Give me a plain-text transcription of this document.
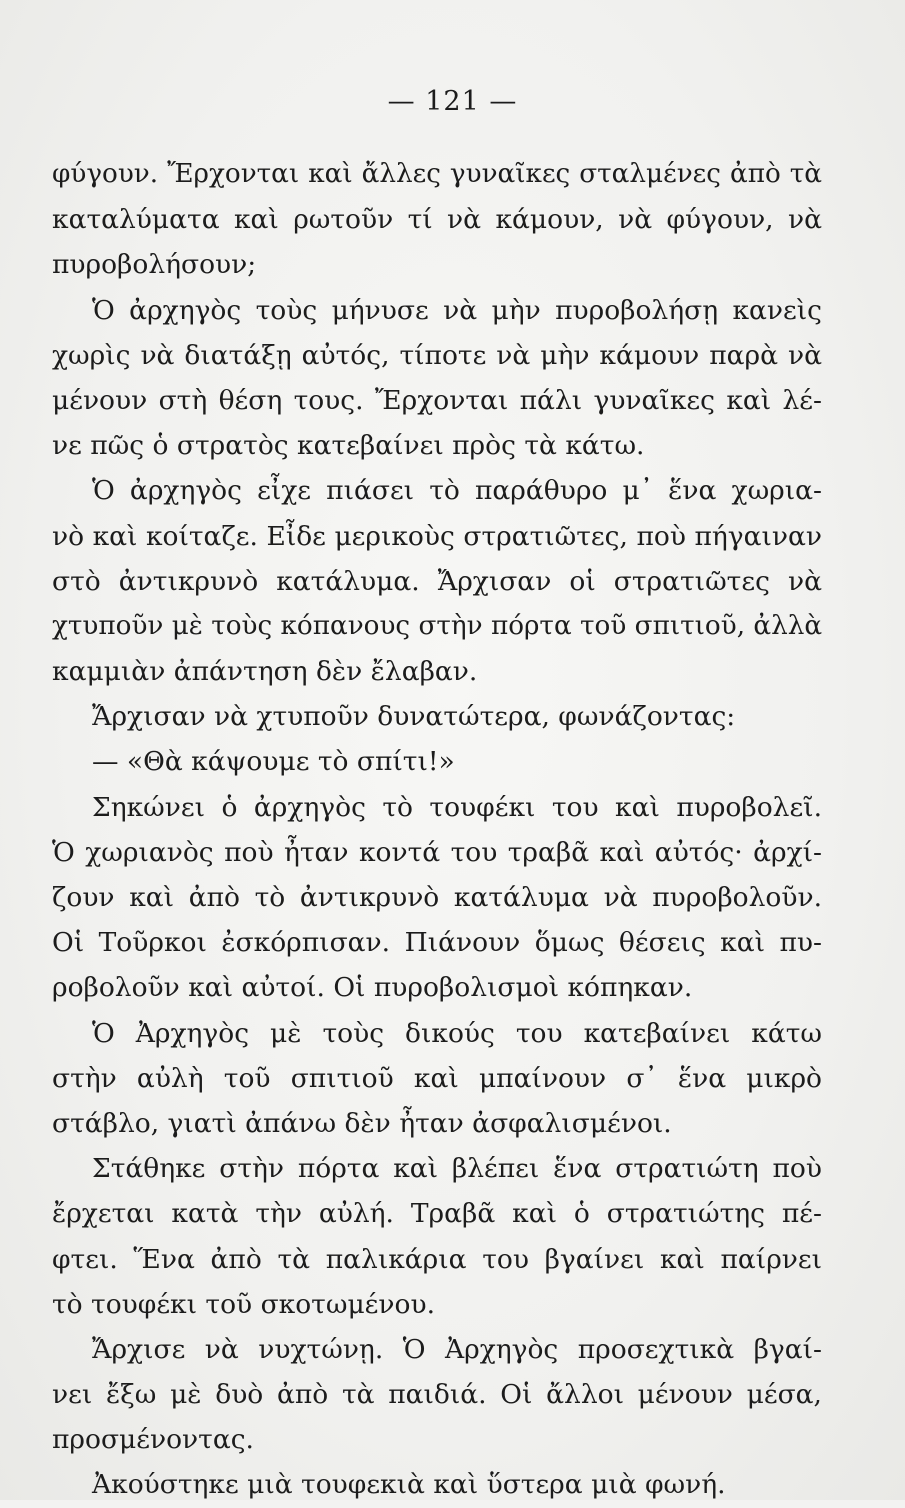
— 121 —
φύγουν. Ἔρχονται καὶ ἄλλες γυναῖκες σταλμένες ἀπὸ τὰ
καταλύματα καὶ ρωτοῦν τί νὰ κάμουν, νὰ φύγουν, νὰ
πυροβολήσουν;
Ὁ ἀρχηγὸς τοὺς μήνυσε νὰ μὴν πυροβολήσῃ κανεὶς
χωρὶς νὰ διατάξῃ αὐτός, τίποτε νὰ μὴν κάμουν παρὰ νὰ
μένουν στὴ θέση τους. Ἔρχονται πάλι γυναῖκες καὶ λέ-
νε πῶς ὁ στρατὸς κατεβαίνει πρὸς τὰ κάτω.
Ὁ ἀρχηγὸς εἶχε πιάσει τὸ παράθυρο μ᾽ ἕνα χωρια-
νὸ καὶ κοίταζε. Εἶδε μερικοὺς στρατιῶτες, ποὺ πήγαιναν
στὸ ἀντικρυνὸ κατάλυμα. Ἄρχισαν οἱ στρατιῶτες νὰ
χτυποῦν μὲ τοὺς κόπανους στὴν πόρτα τοῦ σπιτιοῦ, ἀλλὰ
καμμιὰν ἀπάντηση δὲν ἔλαβαν.
Ἄρχισαν νὰ χτυποῦν δυνατώτερα, φωνάζοντας:
— «Θὰ κάψουμε τὸ σπίτι!»
Σηκώνει ὁ ἀρχηγὸς τὸ τουφέκι του καὶ πυροβολεῖ.
Ὁ χωριανὸς ποὺ ἦταν κοντά του τραβᾶ καὶ αὐτός· ἀρχί-
ζουν καὶ ἀπὸ τὸ ἀντικρυνὸ κατάλυμα νὰ πυροβολοῦν.
Οἱ Τοῦρκοι ἐσκόρπισαν. Πιάνουν ὅμως θέσεις καὶ πυ-
ροβολοῦν καὶ αὐτοί. Οἱ πυροβολισμοὶ κόπηκαν.
Ὁ Ἀρχηγὸς μὲ τοὺς δικούς του κατεβαίνει κάτω
στὴν αὐλὴ τοῦ σπιτιοῦ καὶ μπαίνουν σ᾽ ἕνα μικρὸ
στάβλο, γιατὶ ἀπάνω δὲν ἦταν ἀσφαλισμένοι.
Στάθηκε στὴν πόρτα καὶ βλέπει ἕνα στρατιώτη ποὺ
ἔρχεται κατὰ τὴν αὐλή. Τραβᾶ καὶ ὁ στρατιώτης πέ-
φτει. Ἕνα ἀπὸ τὰ παλικάρια του βγαίνει καὶ παίρνει
τὸ τουφέκι τοῦ σκοτωμένου.
Ἄρχισε νὰ νυχτώνῃ. Ὁ Ἀρχηγὸς προσεχτικὰ βγαί-
νει ἔξω μὲ δυὸ ἀπὸ τὰ παιδιά. Οἱ ἄλλοι μένουν μέσα,
προσμένοντας.
Ἀκούστηκε μιὰ τουφεκιὰ καὶ ὕστερα μιὰ φωνή.
